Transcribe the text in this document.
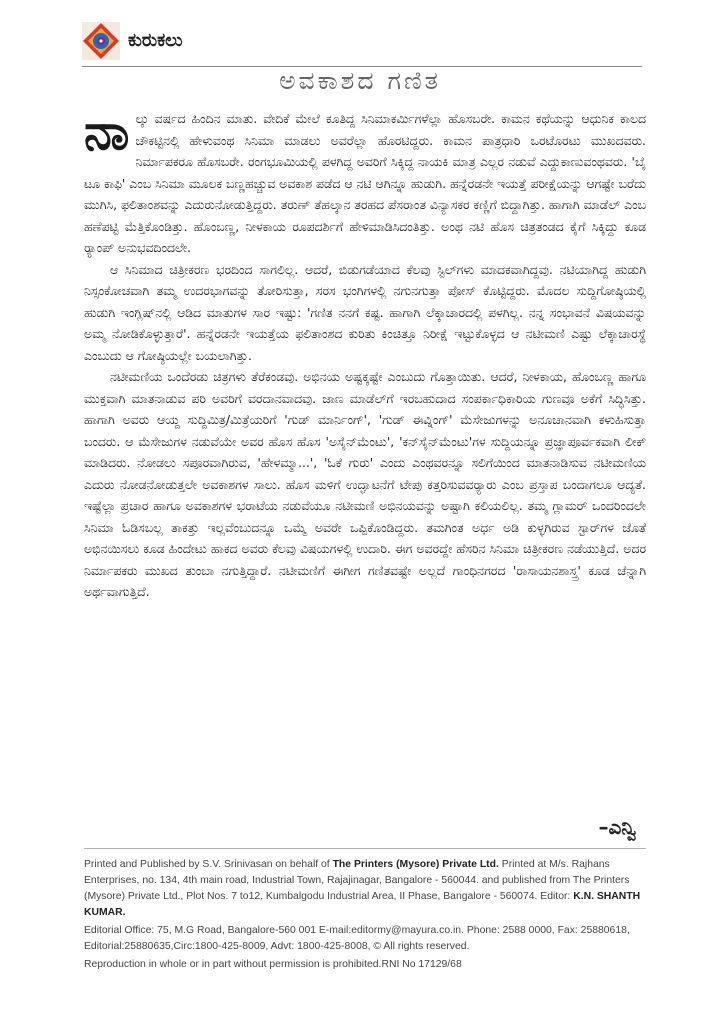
ಕುರುಕಲು
ಅವಕಾಶದ ಗಣಿತ

ನಾಲ್ಕು ವರ್ಷದ ಹಿಂದಿನ ಮಾತು. ವೇದಿಕೆ ಮೇಲೆ ಕೂತಿದ್ದ ಸಿನಿಮಾಕರ್ಮಿಗಳೆಲ್ಲಾ ಹೊಸಬರೇ. ಕಾಮನ ಕಥೆಯನ್ನು ಆಧುನಿಕ ಕಾಲದ ಚೌಕಟ್ಟಿನಲ್ಲಿ ಹೇಳುವಂಥ ಸಿನಿಮಾ ಮಾಡಲು ಅವರೆಲ್ಲಾ ಹೊರಟಿದ್ದರು. ಕಾಮನ ಪಾತ್ರಧಾರಿ ಒರಟೊರಟು ಮುಖದವರು. ನಿರ್ಮಾಪಕರೂ ಹೊಸಬರೇ. ರಂಗಭೂಮಿಯಲ್ಲಿ ಪಳಗಿದ್ದ ಅವರಿಗೆ ಸಿಕ್ಕಿದ್ದ ನಾಯಕಿ ಮಾತ್ರ ಎಲ್ಲರ ನಡುವೆ ಎದ್ದುಕಾಣುವಂಥವರು. 'ಬೈ ಟೂ ಕಾಫಿ' ಎಂಬ ಸಿನಿಮಾ ಮೂಲಕ ಬಣ್ಣಹಚ್ಚುವ ಅವಕಾಶ ಪಡೆದ ಆ ನಟಿ ಆಗಿನ್ನೂ ಹುಡುಗಿ. ಹನ್ನೆರಡನೇ ಇಯತ್ತೆ ಪರೀಕ್ಷೆಯನ್ನು ಆಗಷ್ಟೇ ಬರೆದು ಮುಗಿಸಿ, ಫಲಿತಾಂಶವನ್ನು ಎದುರುನೋಡುತ್ತಿದ್ದರು. ತರುಣ್ ತೆಹಲ್ಕಾನ ತರಹದ ಪೆಸರಾಂತ ವಿನ್ಯಾಸಕರ ಕಣ್ಣಿಗೆ ಬಿದ್ದಾಗಿತ್ತು. ಹಾಗಾಗಿ ಮಾಡೆಲ್ ಎಂಬ ಹಣೆಪಟ್ಟಿ ಮೆತ್ತಿಕೊಂಡಿತ್ತು. ಹೊಂಬಣ್ಣ, ನೀಳಕಾಯ ರೂಪದರ್ಶಿಗೆ ಹೇಳಿಮಾಡಿಸಿದಂತಿತ್ತು. ಅಂಥ ನಟಿ ಹೊಸ ಚಿತ್ರತಂಡದ ಕೈಗೆ ಸಿಕ್ಕಿದ್ದು ಕೂಡ ರ್‍ಯಾಂಪ್ ಅನುಭವದಿಂದಲೇ.

ಆ ಸಿನಿಮಾದ ಚಿತ್ರೀಕರಣ ಭರದಿಂದ ಸಾಗಲಿಲ್ಲ. ಆದರೆ, ಬಿಡುಗಡೆಯಾದ ಕೆಲವು ಸ್ಟಿಲ್‌ಗಳು ಮಾದಕವಾಗಿದ್ದವು. ನಟಿಯಾಗಿದ್ದ ಹುಡುಗಿ ನಿಸ್ಸಂಕೋಚವಾಗಿ ತಮ್ಮ ಉದರಭಾಗವನ್ನು ತೋರಿಸುತ್ತಾ, ಸರಸ ಭಂಗಿಗಳಲ್ಲಿ ನಗುನಗುತ್ತಾ ಪೋಸ್ ಕೊಟ್ಟಿದ್ದರು. ಮೊದಲ ಸುದ್ದಿಗೋಷ್ಠಿಯಲ್ಲಿ ಹುಡುಗಿ ಇಂಗ್ಲಿಷ್‌ನಲ್ಲಿ ಆಡಿದ ಮಾತುಗಳ ಸಾರ ಇಷ್ಟು: 'ಗಣಿತ ನನಗೆ ಕಷ್ಟ. ಹಾಗಾಗಿ ಲೆಕ್ಕಾಚಾರದಲ್ಲಿ ಪಳಗಿಲ್ಲ. ನನ್ನ ಸಂಭಾವನೆ ವಿಷಯವನ್ನು ಅಮ್ಮ ನೋಡಿಕೊಳ್ಳುತ್ತಾರೆ'. ಹನ್ನೆರಡನೇ ಇಯತ್ತೆಯ ಫಲಿತಾಂಶದ ಕುರಿತು ಕಿಂಚಿತ್ತೂ ನಿರೀಕ್ಷೆ ಇಟ್ಟುಕೊಳ್ಳದ ಆ ನಟೀಮಣಿ ಎಷ್ಟು ಲೆಕ್ಕಾಚಾರಸ್ಥೆ ಎಂಬುದು ಆ ಗೋಷ್ಠಿಯಲ್ಲೇ ಬಯಲಾಗಿತ್ತು.

ನಟೀಮಣಿಯ ಒಂದೆರಡು ಚಿತ್ರಗಳು ತೆರೆಕಂಡವು. ಅಭಿನಯ ಅಷ್ಟಕ್ಕಷ್ಟೇ ಎಂಬುದು ಗೊತ್ತಾಯಿತು. ಆದರೆ, ನೀಳಕಾಯ, ಹೊಂಬಣ್ಣ ಹಾಗೂ ಮುಕ್ತವಾಗಿ ಮಾತನಾಡುವ ಪರಿ ಅವರಿಗೆ ವರದಾನವಾದವು. ಜಾಣ ಮಾಡೆಲ್‌ಗೆ ಇರಬಹುದಾದ ಸಂಪರ್ಕಾಧಿಕಾರಿಯ ಗುಣವೂ ಅಕೆಗೆ ಸಿದ್ಧಿಸಿತ್ತು. ಹಾಗಾಗಿ ಅವರು ಆಯ್ದ ಸುದ್ದಿಮಿತ್ರ/ಮಿತ್ರೆಯರಿಗೆ 'ಗುಡ್ ಮಾರ್ನಿಂಗ್', 'ಗುಡ್ ಈವ್ನಿಂಗ್' ಮೆಸೇಜುಗಳನ್ನು ಅನೂಚಾನವಾಗಿ ಕಳುಹಿಸುತ್ತಾ ಬಂದರು. ಆ ಮೆಸೇಜುಗಳ ನಡುವೆಯೇ ಅವರ ಹೊಸ ಹೊಸ 'ಅಸೈನ್‌ಮೆಂಟು', 'ಕನ್‌ಸೈನ್‌ಮೆಂಟು'ಗಳ ಸುದ್ದಿಯನ್ನೂ ಪ್ರಜ್ಞಾಪೂರ್ವಕವಾಗಿ ಲೀಕ್ ಮಾಡಿದರು. ನೋಡಲು ಸಪೂರವಾಗಿರುವ, 'ಹೇಳಮ್ಮಾ...', 'ಓಕೆ ಗುರು' ಎಂದು ಎಂಥವರನ್ನೂ ಸಲಿಗೆಯಿಂದ ಮಾತನಾಡಿಸುವ ನಟೀಮಣಿಯ ಎದುರು ನೋಡನೋಡುತ್ತಲೇ ಅವಕಾಶಗಳ ಸಾಲು. ಹೊಸ ಮಳಿಗೆ ಉದ್ಘಾಟನೆಗೆ ಟೇಪು ಕತ್ತರಿಸುವವರ್‍ಯಾರು ಎಂಬ ಪ್ರಸ್ತಾಪ ಬಂದಾಗಲೂ ಆದ್ಯತೆ. ಇಷ್ಟೆಲ್ಲಾ ಪ್ರಚಾರ ಹಾಗೂ ಅವಕಾಶಗಳ ಭರಾಟೆಯ ನಡುವೆಯೂ ನಟೀಮಣಿ ಅಭಿನಯವನ್ನು ಅಷ್ಟಾಗಿ ಕಲಿಯಲಿಲ್ಲ. ತಮ್ಮ ಗ್ಲಾಮರ್ ಒಂದರಿಂದಲೇ ಸಿನಿಮಾ ಓಡಿಸಬಲ್ಲ ತಾಕತ್ತು ಇಲ್ಲವೆಂಬುದನ್ನೂ ಒಮ್ಮೆ ಅವರೇ ಒಪ್ಪಿಕೊಂಡಿದ್ದರು. ತಮಗಿಂತ ಅರ್ಧ ಅಡಿ ಕುಳ್ಳಗಿರುವ ಸ್ಟಾರ್‌ಗಳ ಜೊತೆ ಅಭಿನಯಿಸಲು ಕೂಡ ಹಿಂದೇಟು ಹಾಕದ ಅವರು ಕೆಲವು ವಿಷಯಗಳಲ್ಲಿ ಉದಾರಿ. ಈಗ ಅವರದ್ದೇ ಹೆಸರಿನ ಸಿನಿಮಾ ಚಿತ್ರೀಕರಣ ನಡೆಯುತ್ತಿದೆ. ಅದರ ನಿರ್ಮಾಪಕರು ಮುಖದ ತುಂಬಾ ನಗುತ್ತಿದ್ದಾರೆ. ನಟೀಮಣಿಗೆ ಈಗೀಗ ಗಣಿತವಷ್ಟೇ ಅಲ್ಲದೆ ಗಾಂಧಿನಗರದ 'ರಾಸಾಯನಶಾಸ್ತ್ರ' ಕೂಡ ಚೆನ್ನಾಗಿ ಅರ್ಥವಾಗುತ್ತಿದೆ.

–ಎನ್ವಿ

Printed and Published by S.V. Srinivasan on behalf of The Printers (Mysore) Private Ltd. Printed at M/s. Rajhans Enterprises, no. 134, 4th main road, Industrial Town, Rajajinagar, Bangalore - 560044. and published from The Printers (Mysore) Private Ltd., Plot Nos. 7 to12, Kumbalgodu Industrial Area, II Phase, Bangalore - 560074. Editor: K.N. SHANTH KUMAR.

Editorial Office: 75, M.G Road, Bangalore-560 001 E-mail:editormy@mayura.co.in. Phone: 2588 0000, Fax: 25880618, Editorial:25880635,Circ:1800-425-8009, Advt: 1800-425-8008, © All rights reserved.

Reproduction in whole or in part without permission is prohibited.RNI No 17129/68
